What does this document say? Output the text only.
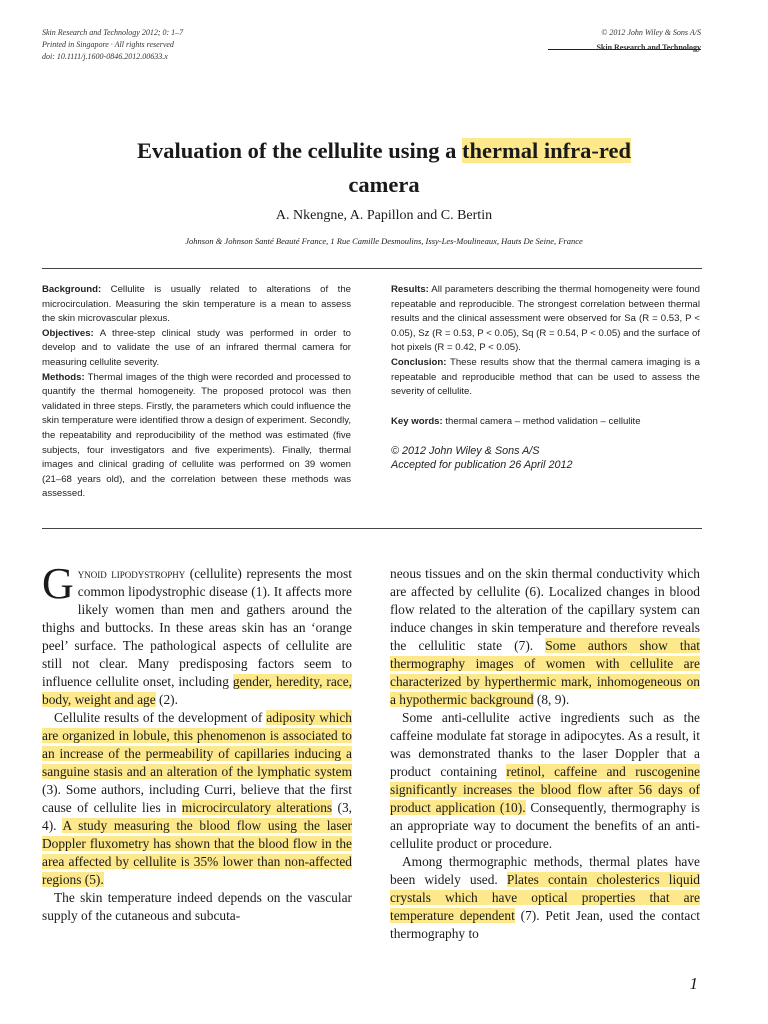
Skin Research and Technology 2012; 0: 1–7
Printed in Singapore · All rights reserved
doi: 10.1111/j.1600-0846.2012.00633.x
© 2012 John Wiley & Sons A/S
Skin Research and Technology
Evaluation of the cellulite using a thermal infra-red
camera
A. Nkengne, A. Papillon and C. Bertin
Johnson & Johnson Santé Beauté France, 1 Rue Camille Desmoulins, Issy-Les-Moulineaux, Hauts De Seine, France

Background: Cellulite is usually related to alterations of the microcirculation. Measuring the skin temperature is a mean to assess the skin microvascular plexus.

Objectives: A three-step clinical study was performed in order to develop and to validate the use of an infrared thermal camera for measuring cellulite severity.

Methods: Thermal images of the thigh were recorded and processed to quantify the thermal homogeneity. The proposed protocol was then validated in three steps. Firstly, the parameters which could influence the skin temperature were identified throw a design of experiment. Secondly, the repeatability and reproducibility of the method was estimated (five subjects, four investigators and five experiments). Finally, thermal images and clinical grading of cellulite was performed on 39 women (21–68 years old), and the correlation between these methods was assessed.

Results: All parameters describing the thermal homogeneity were found repeatable and reproducible. The strongest correlation between thermal results and the clinical assessment were observed for Sa (R = 0.53, P < 0.05), Sz (R = 0.53, P < 0.05), Sq (R = 0.54, P < 0.05) and the surface of hot pixels (R = 0.42, P < 0.05).

Conclusion: These results show that the thermal camera imaging is a repeatable and reproducible method that can be used to assess the severity of cellulite.

Key words: thermal camera – method validation – cellulite

© 2012 John Wiley & Sons A/S
Accepted for publication 26 April 2012

Gynoid lipodystrophy (cellulite) represents the most common lipodystrophic disease (1). It affects more likely women than men and gathers around the thighs and buttocks. In these areas skin has an ‘orange peel’ surface. The pathological aspects of cellulite are still not clear. Many predisposing factors seem to influence cellulite onset, including gender, heredity, race, body, weight and age (2).

Cellulite results of the development of adiposity which are organized in lobule, this phenomenon is associated to an increase of the permeability of capillaries inducing a sanguine stasis and an alteration of the lymphatic system (3). Some authors, including Curri, believe that the first cause of cellulite lies in microcirculatory alterations (3, 4). A study measuring the blood flow using the laser Doppler fluxometry has shown that the blood flow in the area affected by cellulite is 35% lower than non-affected regions (5).

The skin temperature indeed depends on the vascular supply of the cutaneous and subcuta-

neous tissues and on the skin thermal conductivity which are affected by cellulite (6). Localized changes in blood flow related to the alteration of the capillary system can induce changes in skin temperature and therefore reveals the cellulitic state (7). Some authors show that thermography images of women with cellulite are characterized by hyperthermic mark, inhomogeneous on a hypothermic background (8, 9).

Some anti-cellulite active ingredients such as the caffeine modulate fat storage in adipocytes. As a result, it was demonstrated thanks to the laser Doppler that a product containing retinol, caffeine and ruscogenine significantly increases the blood flow after 56 days of product application (10). Consequently, thermography is an appropriate way to document the benefits of an anti-cellulite product or procedure.

Among thermographic methods, thermal plates have been widely used. Plates contain cholesterics liquid crystals which have optical properties that are temperature dependent (7). Petit Jean, used the contact thermography to

1
